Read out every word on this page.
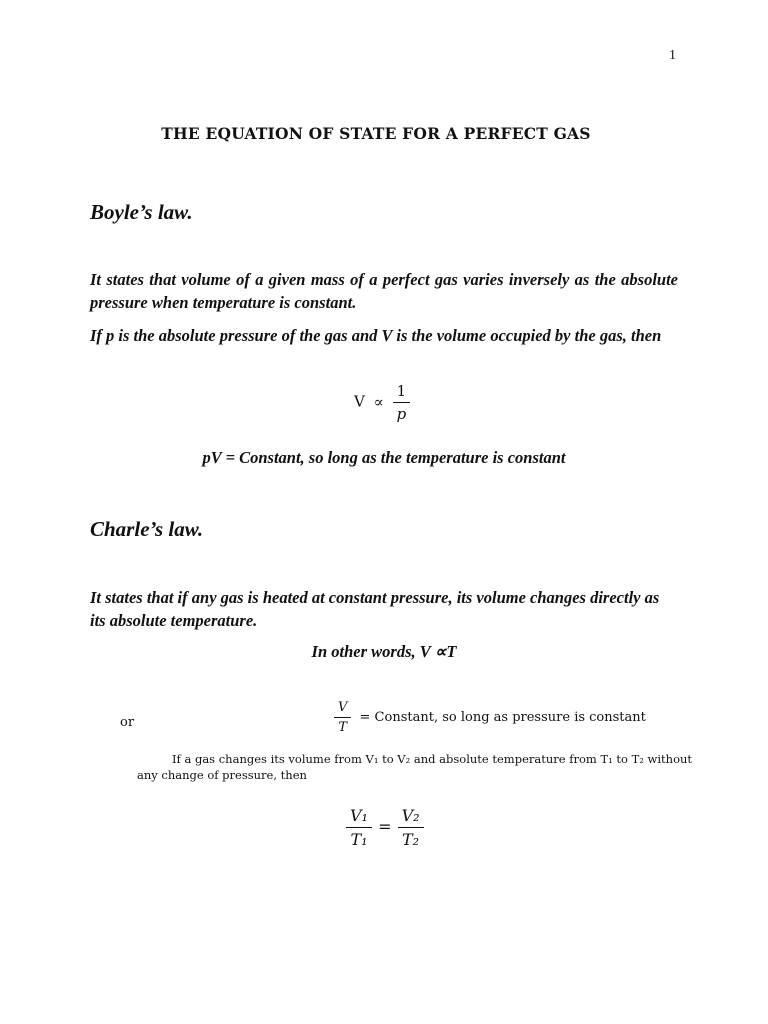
1
THE EQUATION OF STATE FOR A PERFECT GAS
Boyle’s law.
It states that volume of a given mass of a perfect gas varies inversely as the absolute pressure when temperature is constant.
If p is the absolute pressure of the gas and V is the volume occupied by the gas, then
$V \propto \frac{1}{p}$
pV = Constant, so long as the temperature is constant
Charle’s law.
It states that if any gas is heated at constant pressure, its volume changes directly as its absolute temperature.
In other words, V ∝T
or	$\frac{V}{T}$ = Constant, so long as pressure is constant
If a gas changes its volume from V₁ to V₂ and absolute temperature from T₁ to T₂ without
any change of pressure, then
$\frac{\text{V₁}}{\text{T₁}} = \frac{\text{V₂}}{\text{T₂}}$
